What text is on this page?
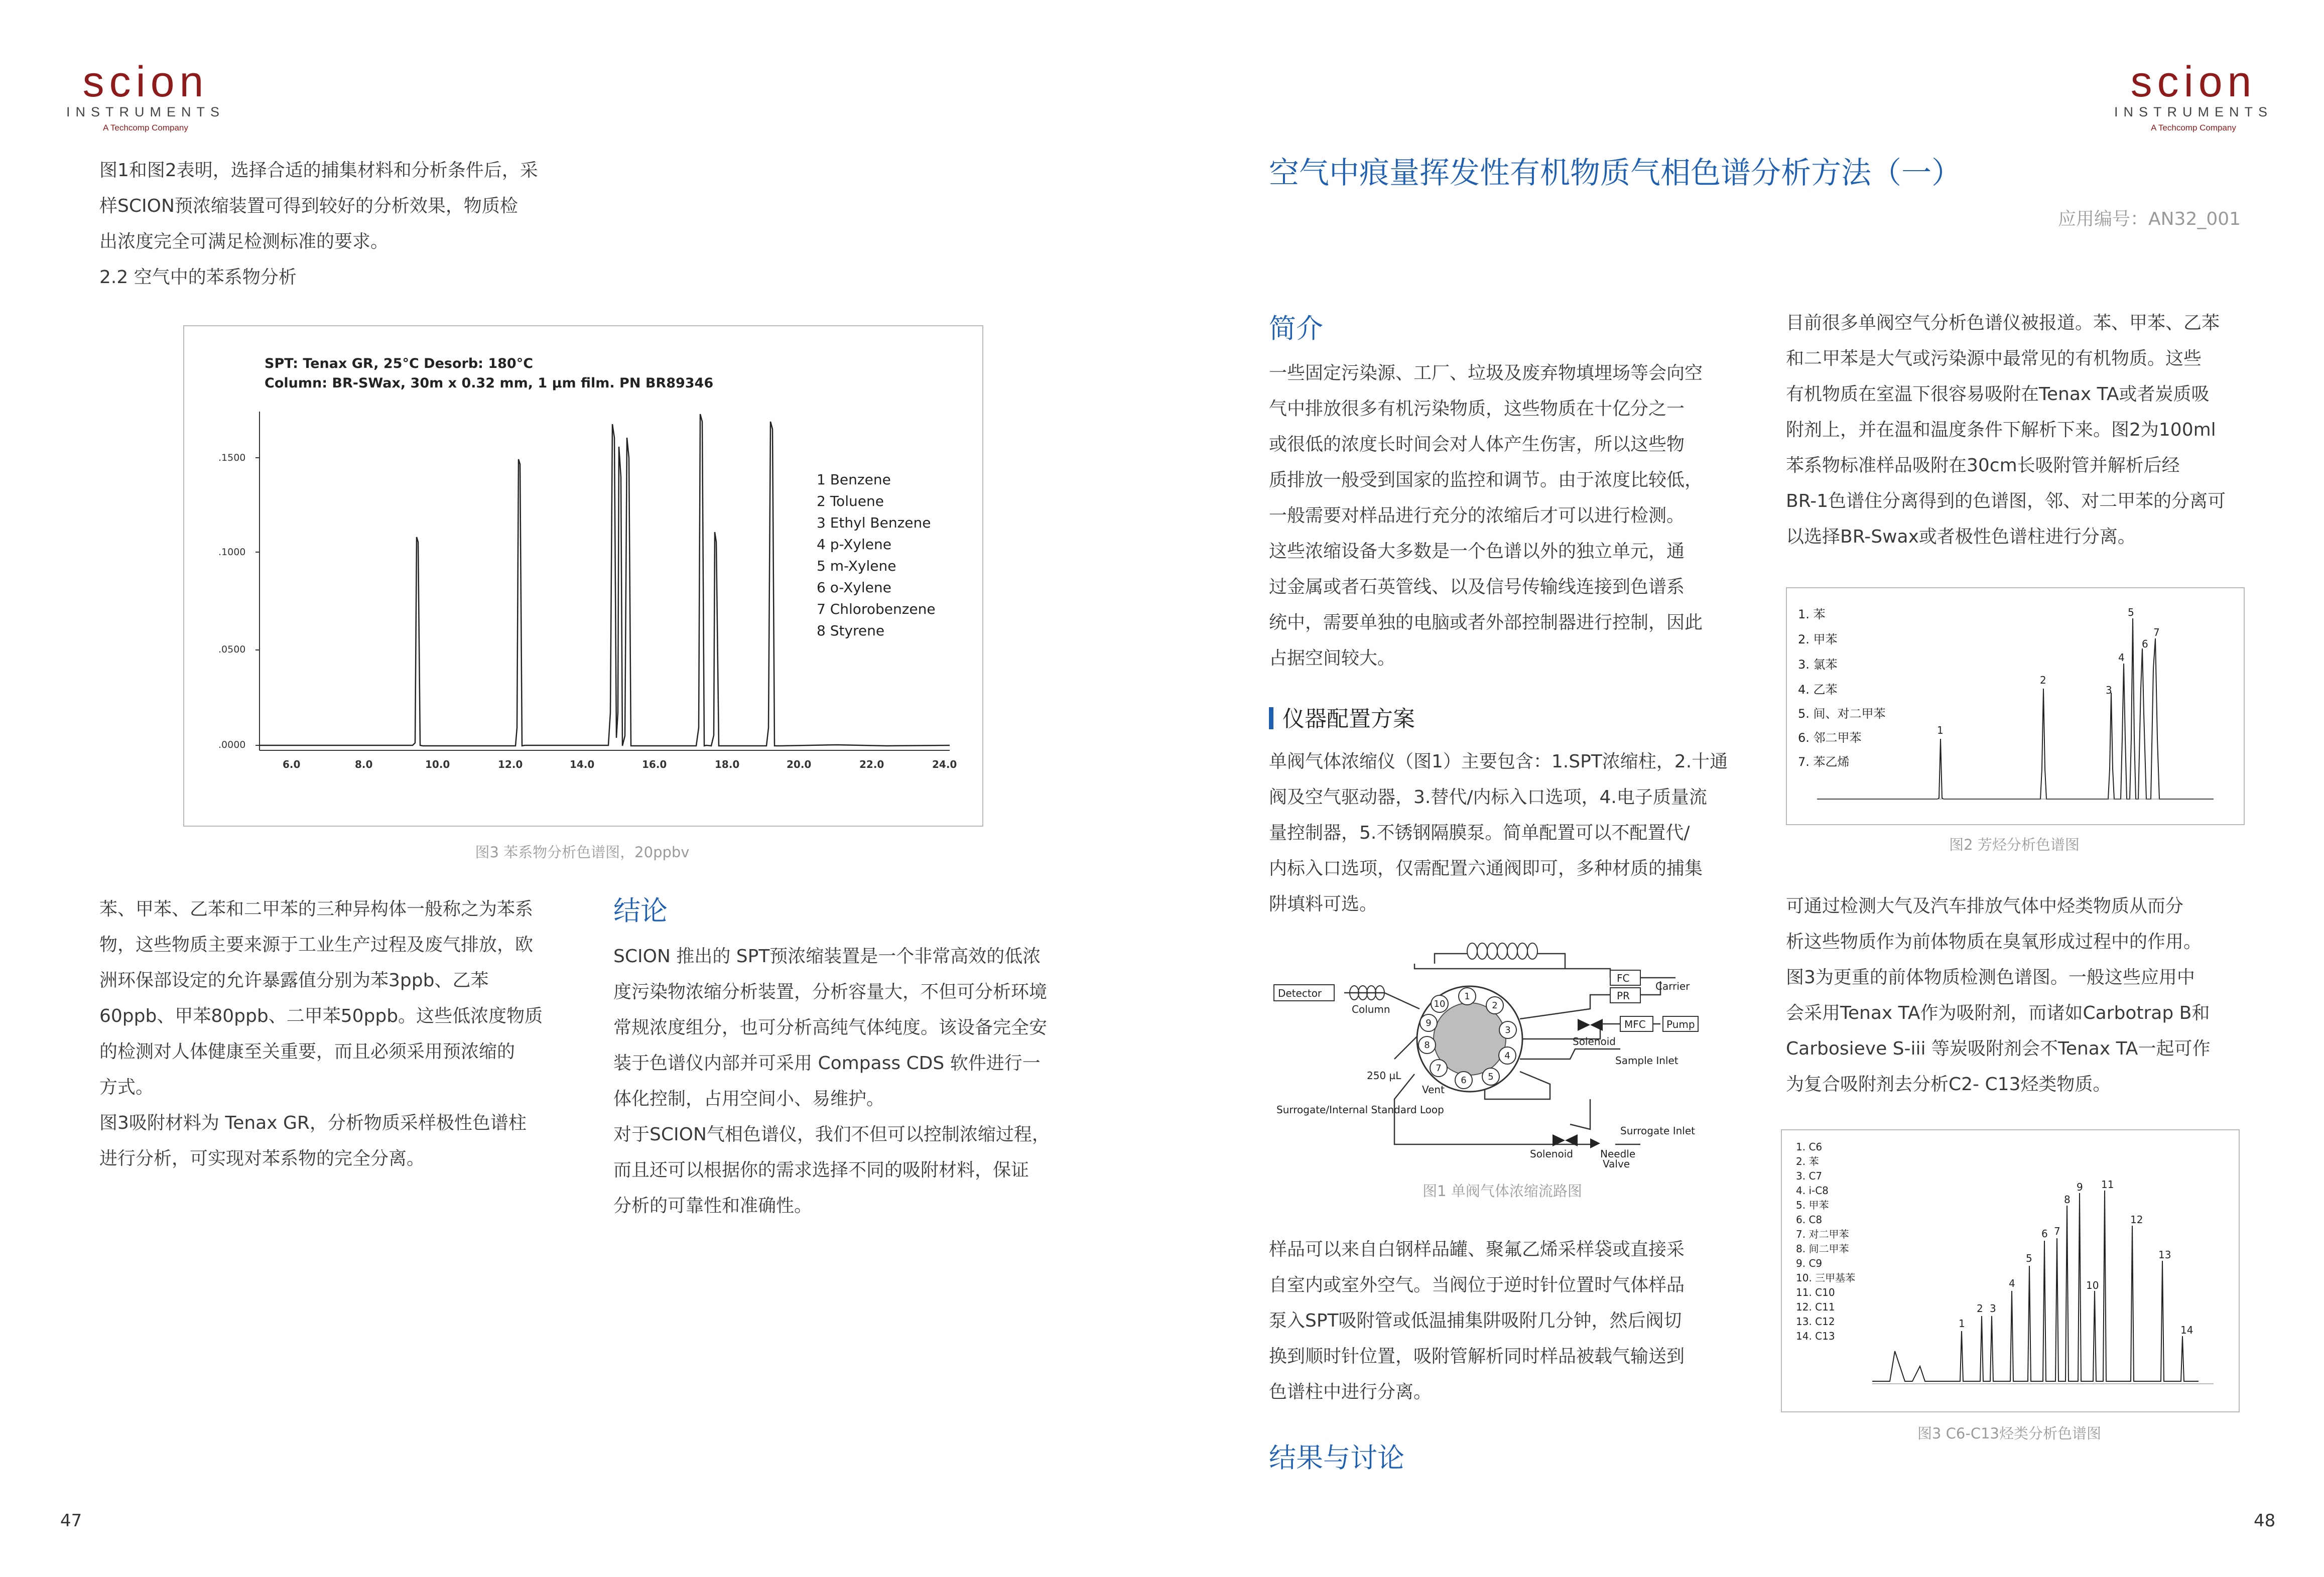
scion
INSTRUMENTS
A Techcomp Company

图1和图2表明，选择合适的捕集材料和分析条件后，采

样SCION预浓缩装置可得到较好的分析效果，物质检

出浓度完全可满足检测标准的要求。

2.2 空气中的苯系物分析

SPT: Tenax GR, 25°C Desorb: 180°C
Column: BR-SWax, 30m x 0.32 mm, 1 µm film. PN BR89346
.1500
.1000
.0500
.0000
6.0	8.0	10.0	12.0	14.0	16.0	18.0	20.0	22.0	24.0
1 Benzene
2 Toluene
3 Ethyl Benzene
4 p-Xylene
5 m-Xylene
6 o-Xylene
7 Chlorobenzene
8 Styrene
图3 苯系物分析色谱图，20ppbv

苯、甲苯、乙苯和二甲苯的三种异构体一般称之为苯系

物，这些物质主要来源于工业生产过程及废气排放，欧

洲环保部设定的允许暴露值分别为苯3ppb、乙苯

60ppb、甲苯80ppb、二甲苯50ppb。这些低浓度物质

的检测对人体健康至关重要，而且必须采用预浓缩的

方式。

图3吸附材料为 Tenax GR，分析物质采样极性色谱柱

进行分析，可实现对苯系物的完全分离。

结论

SCION 推出的 SPT预浓缩装置是一个非常高效的低浓

度污染物浓缩分析装置，分析容量大，不但可分析环境

常规浓度组分，也可分析高纯气体纯度。该设备完全安

装于色谱仪内部并可采用 Compass CDS 软件进行一

体化控制，占用空间小、易维护。

对于SCION气相色谱仪，我们不但可以控制浓缩过程，

而且还可以根据你的需求选择不同的吸附材料，保证

分析的可靠性和准确性。

47
scion
INSTRUMENTS
A Techcomp Company
空气中痕量挥发性有机物质气相色谱分析方法（一）
应用编号：AN32_001
简介

一些固定污染源、工厂、垃圾及废弃物填埋场等会向空

气中排放很多有机污染物质，这些物质在十亿分之一

或很低的浓度长时间会对人体产生伤害，所以这些物

质排放一般受到国家的监控和调节。由于浓度比较低，

一般需要对样品进行充分的浓缩后才可以进行检测。

这些浓缩设备大多数是一个色谱以外的独立单元，通

过金属或者石英管线、以及信号传输线连接到色谱系

统中，需要单独的电脑或者外部控制器进行控制，因此

占据空间较大。

仪器配置方案

单阀气体浓缩仪（图1）主要包含：1.SPT浓缩柱，2.十通

阀及空气驱动器，3.替代/内标入口选项，4.电子质量流

量控制器，5.不锈钢隔膜泵。简单配置可以不配置代/

内标入口选项，仅需配置六通阀即可，多种材质的捕集

阱填料可选。

FC
PR
Carrier
Detector
Column
MFC Pump
Solenoid
Sample Inlet
10
1
2
3
4
5
6
7
8
9
250 µL
Vent
Surrogate/Internal Standard Loop
Solenoid
Surrogate Inlet
Needle
Valve
图1 单阀气体浓缩流路图

样品可以来自白钢样品罐、聚氟乙烯采样袋或直接采

自室内或室外空气。当阀位于逆时针位置时气体样品

泵入SPT吸附管或低温捕集阱吸附几分钟，然后阀切

换到顺时针位置，吸附管解析同时样品被载气输送到

色谱柱中进行分离。

结果与讨论

目前很多单阀空气分析色谱仪被报道。苯、甲苯、乙苯

和二甲苯是大气或污染源中最常见的有机物质。这些

有机物质在室温下很容易吸附在Tenax TA或者炭质吸

附剂上，并在温和温度条件下解析下来。图2为100ml

苯系物标准样品吸附在30cm长吸附管并解析后经

BR-1色谱住分离得到的色谱图，邻、对二甲苯的分离可

以选择BR-Swax或者极性色谱柱进行分离。

1. 苯
2. 甲苯
3. 氯苯
4. 乙苯
5. 间、对二甲苯
6. 邻二甲苯
7. 苯乙烯
1
2
3
4
5
6
7
图2 芳烃分析色谱图

可通过检测大气及汽车排放气体中烃类物质从而分

析这些物质作为前体物质在臭氧形成过程中的作用。

图3为更重的前体物质检测色谱图。一般这些应用中

会采用Tenax TA作为吸附剂，而诸如Carbotrap B和

Carbosieve S-iii 等炭吸附剂会不Tenax TA一起可作

为复合吸附剂去分析C2- C13烃类物质。

1. C6
2. 苯
3. C7
4. i-C8
5. 甲苯
6. C8
7. 对二甲苯
8. 间二甲苯
9. C9
10. 三甲基苯
11. C10
12. C11
13. C12
14. C13
1
2 3
4
5
6 7
8
9
10
11
12
13
14
图3 C6-C13烃类分析色谱图
48
